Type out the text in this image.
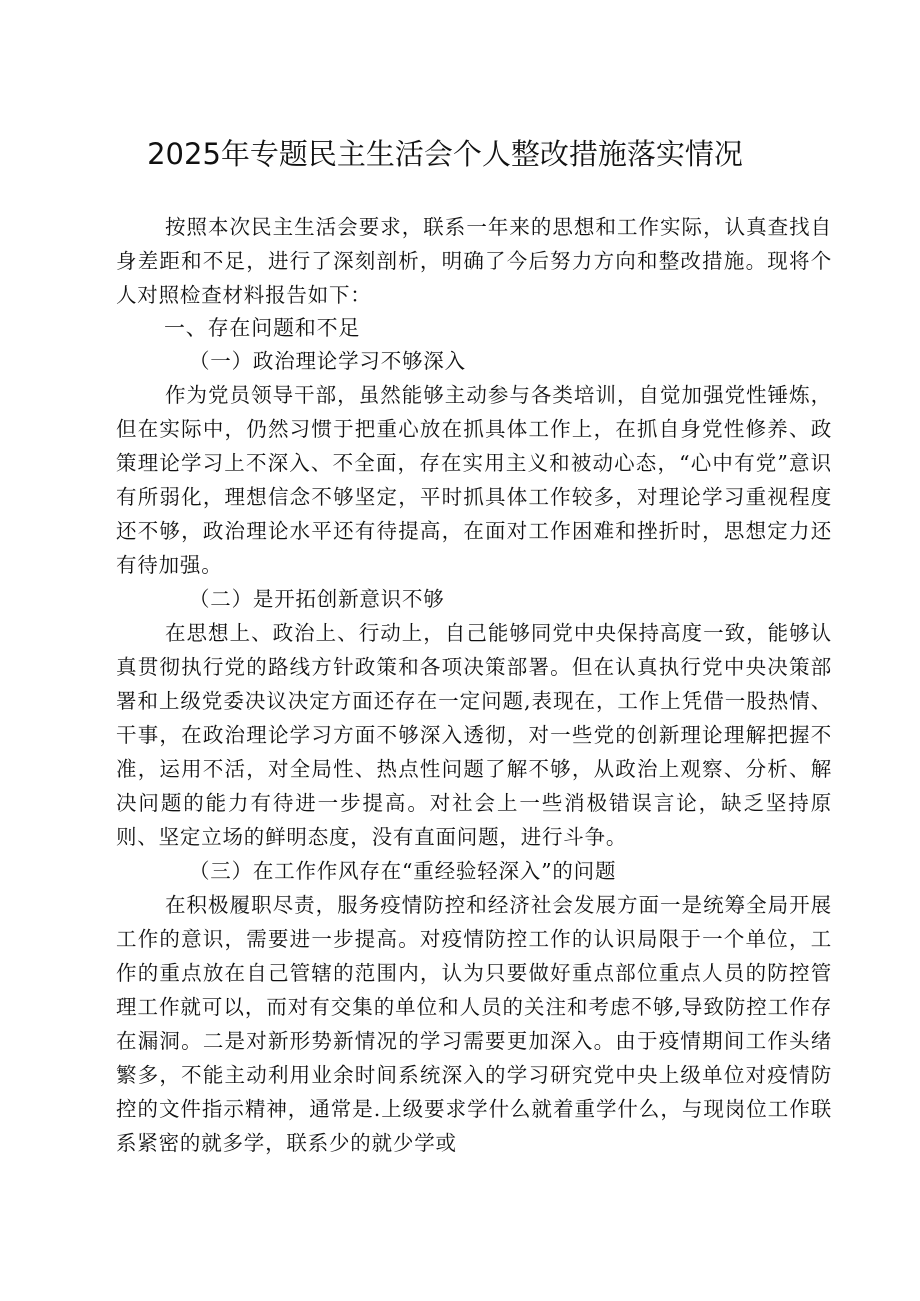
2025年专题民主生活会个人整改措施落实情况

按照本次民主生活会要求，联系一年来的思想和工作实际，认真查找自身差距和不足，进行了深刻剖析，明确了今后努力方向和整改措施。现将个人对照检查材料报告如下：

一、存在问题和不足

（一）政治理论学习不够深入

作为党员领导干部，虽然能够主动参与各类培训，自觉加强党性锤炼，但在实际中，仍然习惯于把重心放在抓具体工作上，在抓自身党性修养、政策理论学习上不深入、不全面，存在实用主义和被动心态，“心中有党”意识有所弱化，理想信念不够坚定，平时抓具体工作较多，对理论学习重视程度还不够，政治理论水平还有待提高，在面对工作困难和挫折时，思想定力还有待加强。

（二）是开拓创新意识不够

在思想上、政治上、行动上，自己能够同党中央保持高度一致，能够认真贯彻执行党的路线方针政策和各项决策部署。但在认真执行党中央决策部署和上级党委决议决定方面还存在一定问题,表现在，工作上凭借一股热情、干事，在政治理论学习方面不够深入透彻，对一些党的创新理论理解把握不准，运用不活，对全局性、热点性问题了解不够，从政治上观察、分析、解决问题的能力有待进一步提高。对社会上一些消极错误言论，缺乏坚持原则、坚定立场的鲜明态度，没有直面问题，进行斗争。

（三）在工作作风存在“重经验轻深入”的问题

在积极履职尽责，服务疫情防控和经济社会发展方面一是统筹全局开展工作的意识，需要进一步提高。对疫情防控工作的认识局限于一个单位，工作的重点放在自己管辖的范围内，认为只要做好重点部位重点人员的防控管理工作就可以，而对有交集的单位和人员的关注和考虑不够,导致防控工作存在漏洞。二是对新形势新情况的学习需要更加深入。由于疫情期间工作头绪繁多，不能主动利用业余时间系统深入的学习研究党中央上级单位对疫情防控的文件指示精神，通常是.上级要求学什么就着重学什么，与现岗位工作联系紧密的就多学，联系少的就少学或
